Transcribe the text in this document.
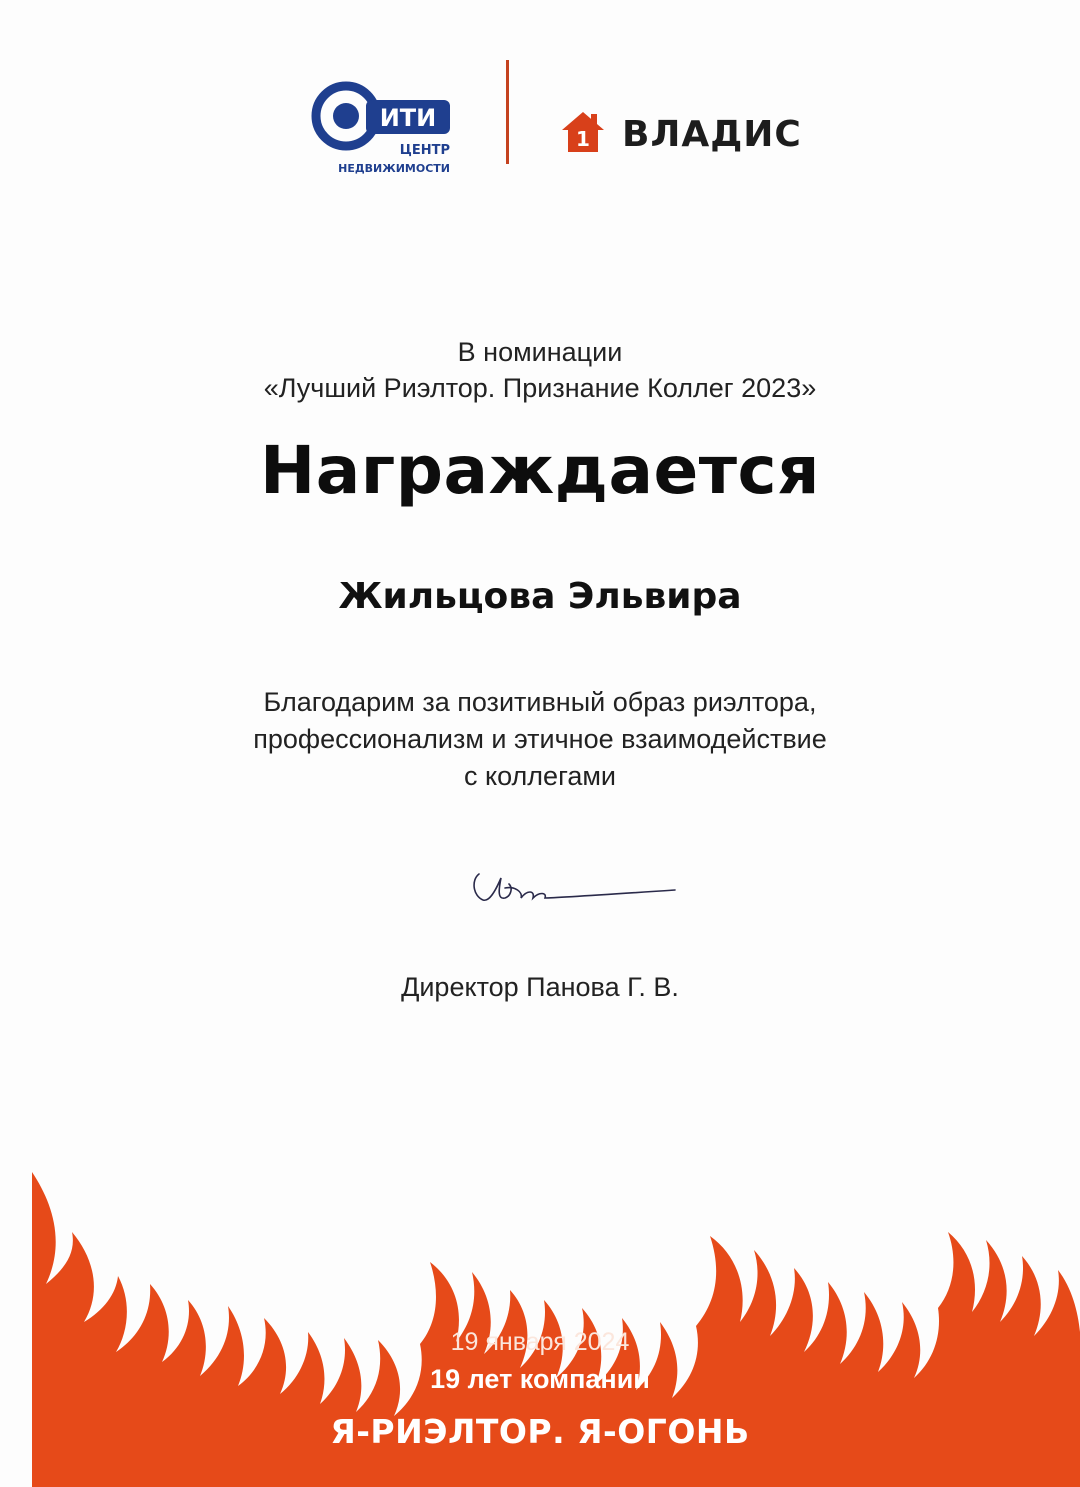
ИТИ
ЦЕНТР
НЕДВИЖИМОСТИ
1 ВЛАДИС
В номинации
«Лучший Риэлтор. Признание Коллег 2023»
Награждается
Жильцова Эльвира
Благодарим за позитивный образ риэлтора,
профессионализм и этичное взаимодействие
с коллегами
Директор Панова Г. В.
19 января 2024
19 лет компании
Я-РИЭЛТОР. Я-ОГОНЬ
